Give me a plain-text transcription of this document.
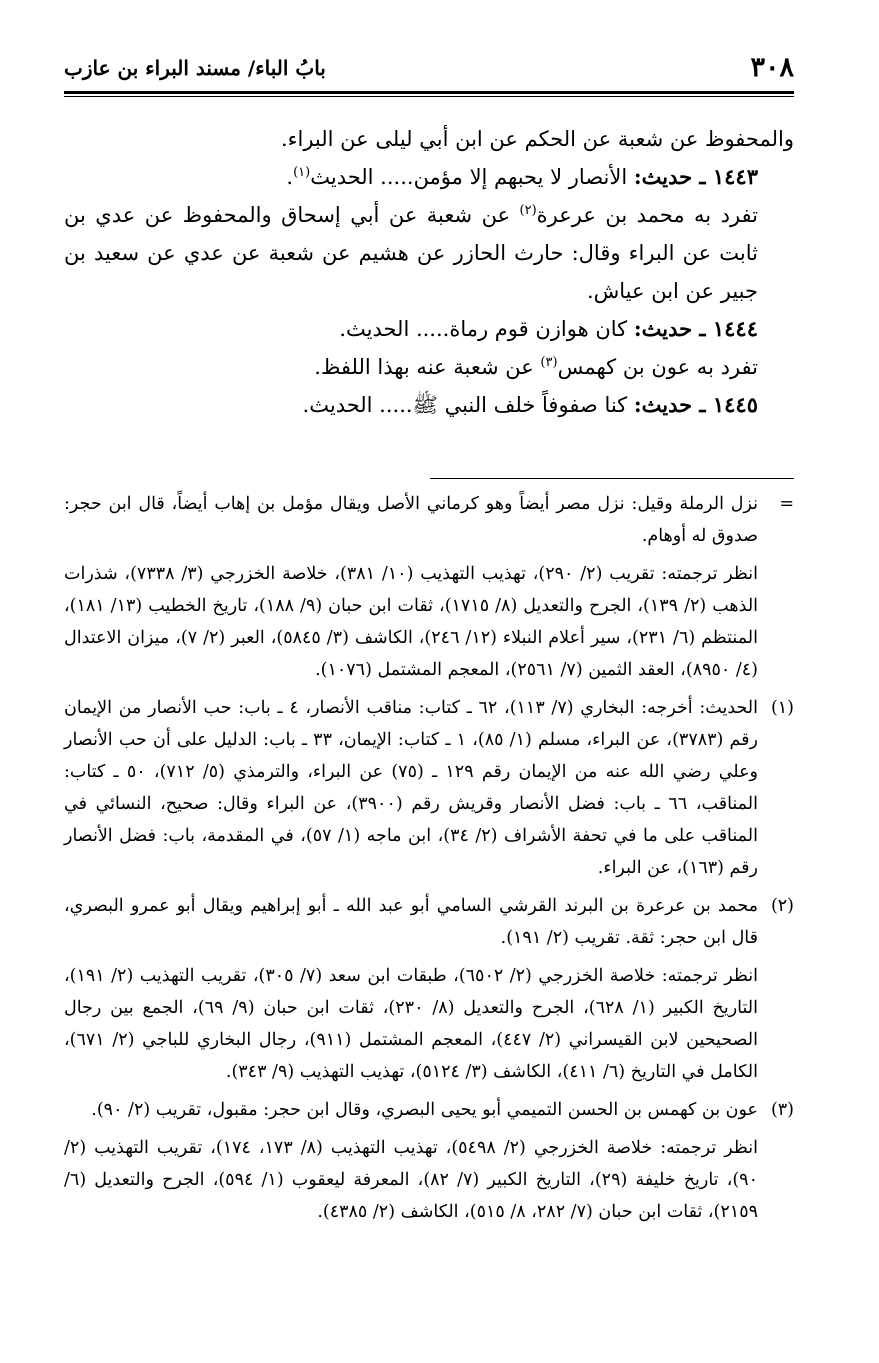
٣٠٨
بابُ الباء/ مسند البراء بن عازب

والمحفوظ عن شعبة عن الحكم عن ابن أبي ليلى عن البراء.

١٤٤٣ ـ حديث: الأنصار لا يحبهم إلا مؤمن..... الحديث$^{(١)}$.

تفرد به محمد بن عرعرة$^{(٢)}$ عن شعبة عن أبي إسحاق والمحفوظ عن عدي بن ثابت عن البراء وقال: حارث الحازر عن هشيم عن شعبة عن عدي عن سعيد بن جبير عن ابن عياش.

١٤٤٤ ـ حديث: كان هوازن قوم رماة..... الحديث.

تفرد به عون بن كهمس$^{(٣)}$ عن شعبة عنه بهذا اللفظ.

١٤٤٥ ـ حديث: كنا صفوفاً خلف النبي ﷺ..... الحديث.

=
نزل الرملة وقيل: نزل مصر أيضاً وهو كرماني الأصل ويقال مؤمل بن إهاب أيضاً، قال ابن حجر: صدوق له أوهام.

انظر ترجمته: تقريب (٢/ ٢٩٠)، تهذيب التهذيب (١٠/ ٣٨١)، خلاصة الخزرجي (٣/ ٧٣٣٨)، شذرات الذهب (٢/ ١٣٩)، الجرح والتعديل (٨/ ١٧١٥)، ثقات ابن حبان (٩/ ١٨٨)، تاريخ الخطيب (١٣/ ١٨١)، المنتظم (٦/ ٢٣١)، سير أعلام النبلاء (١٢/ ٢٤٦)، الكاشف (٣/ ٥٨٤٥)، العبر (٢/ ٧)، ميزان الاعتدال (٤/ ٨٩٥٠)، العقد الثمين (٧/ ٢٥٦١)، المعجم المشتمل (١٠٧٦).

(١)
الحديث: أخرجه: البخاري (٧/ ١١٣)، ٦٢ ـ كتاب: مناقب الأنصار، ٤ ـ باب: حب الأنصار من الإيمان رقم (٣٧٨٣)، عن البراء، مسلم (١/ ٨٥)، ١ ـ كتاب: الإيمان، ٣٣ ـ باب: الدليل على أن حب الأنصار وعلي رضي الله عنه من الإيمان رقم ١٢٩ ـ (٧٥) عن البراء، والترمذي (٥/ ٧١٢)، ٥٠ ـ كتاب: المناقب، ٦٦ ـ باب: فضل الأنصار وقريش رقم (٣٩٠٠)، عن البراء وقال: صحيح، النسائي في المناقب على ما في تحفة الأشراف (٢/ ٣٤)، ابن ماجه (١/ ٥٧)، في المقدمة، باب: فضل الأنصار رقم (١٦٣)، عن البراء.
(٢)
محمد بن عرعرة بن البرند القرشي السامي أبو عبد الله ـ أبو إبراهيم ويقال أبو عمرو البصري، قال ابن حجر: ثقة. تقريب (٢/ ١٩١).

انظر ترجمته: خلاصة الخزرجي (٢/ ٦٥٠٢)، طبقات ابن سعد (٧/ ٣٠٥)، تقريب التهذيب (٢/ ١٩١)، التاريخ الكبير (١/ ٦٢٨)، الجرح والتعديل (٨/ ٢٣٠)، ثقات ابن حبان (٩/ ٦٩)، الجمع بين رجال الصحيحين لابن القيسراني (٢/ ٤٤٧)، المعجم المشتمل (٩١١)، رجال البخاري للباجي (٢/ ٦٧١)، الكامل في التاريخ (٦/ ٤١١)، الكاشف (٣/ ٥١٢٤)، تهذيب التهذيب (٩/ ٣٤٣).

(٣)
عون بن كهمس بن الحسن التميمي أبو يحيى البصري، وقال ابن حجر: مقبول، تقريب (٢/ ٩٠).

انظر ترجمته: خلاصة الخزرجي (٢/ ٥٤٩٨)، تهذيب التهذيب (٨/ ١٧٣، ١٧٤)، تقريب التهذيب (٢/ ٩٠)، تاريخ خليفة (٢٩)، التاريخ الكبير (٧/ ٨٢)، المعرفة ليعقوب (١/ ٥٩٤)، الجرح والتعديل (٦/ ٢١٥٩)، ثقات ابن حبان (٧/ ٢٨٢، ٨/ ٥١٥)، الكاشف (٢/ ٤٣٨٥).
